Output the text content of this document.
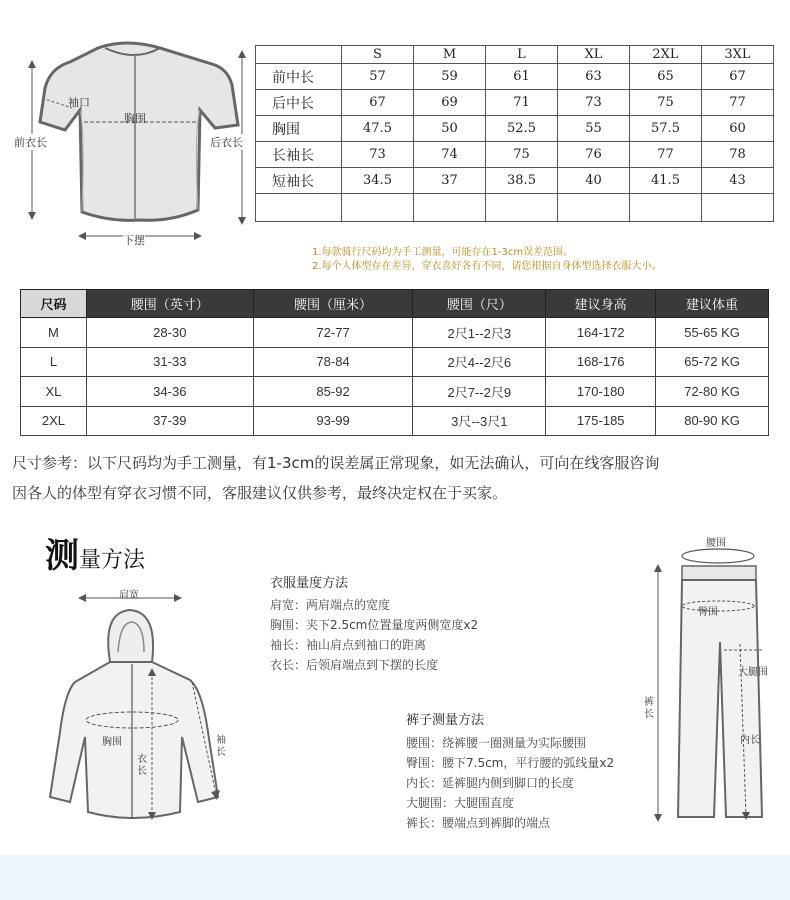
袖口
胸围
前衣长	后衣长
下摆
	S	M	L	XL	2XL	3XL
前中长	57	59	61	63	65	67
后中长	67	69	71	73	75	77
胸围	47.5	50	52.5	55	57.5	60
长袖长	73	74	75	76	77	78
短袖长	34.5	37	38.5	40	41.5	43

1.每款骑行尺码均为手工测量，可能存在1-3cm误差范围。
2.每个人体型存在差异，穿衣喜好各有不同，请您根据自身体型选择衣服大小。
尺码	腰围（英寸）	腰围（厘米）	腰围（尺）	建议身高	建议体重
M	28-30	72-77	2尺1--2尺3	164-172	55-65 KG
L	31-33	78-84	2尺4--2尺6	168-176	65-72 KG
XL	34-36	85-92	2尺7--2尺9	170-180	72-80 KG
2XL	37-39	93-99	3尺--3尺1	175-185	80-90 KG
尺寸参考：以下尺码均为手工测量，有1-3cm的误差属正常现象，如无法确认，可向在线客服咨询
因各人的体型有穿衣习惯不同，客服建议仅供参考，最终决定权在于买家。
测量方法
肩宽
胸围
衣长
袖长
衣服量度方法
肩宽：两肩端点的宽度
胸围：夹下2.5cm位置量度两侧宽度x2
袖长：袖山肩点到袖口的距离
衣长：后领肩端点到下摆的长度
裤子测量方法
腰围：绕裤腰一圈测量为实际腰围
臀围：腰下7.5cm，平行腰的弧线量x2
内长：延裤腿内侧到脚口的长度
大腿围：大腿围直度
裤长：腰端点到裤脚的端点
腰围
臀围
大腿围
裤长
内长
